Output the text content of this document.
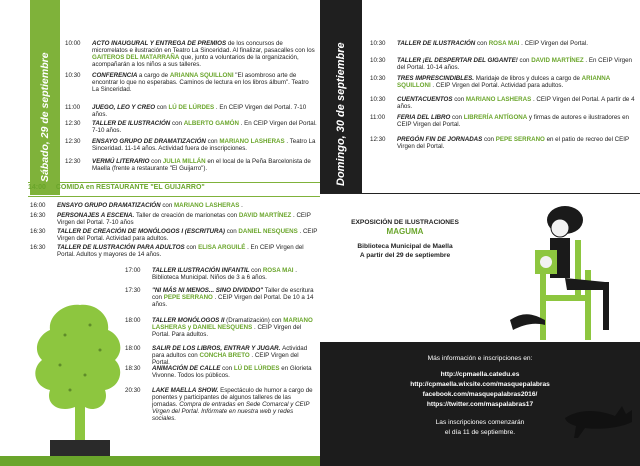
Sábado, 29 de septiembre
10:00	ACTO INAUGURAL Y ENTREGA DE PREMIOS de los concursos de microrrelatos e ilustración en Teatro La Sinceridad. Al finalizar, pasacalles con los GAITEROS DEL MATARRAÑA que, junto a voluntarios de la organización, acompañarán a los niños a sus talleres.
10:30	CONFERENCIA a cargo de ARIANNA SQUILLONI "El asombroso arte de encontrar lo que no esperabas. Caminos de lectura en los libros álbum". Teatro La Sinceridad.
11:00	JUEGO, LEO Y CREO con LÚ DE LÚRDES . En CEIP Virgen del Portal. 7-10 años.
12:30	TALLER DE ILUSTRACIÓN con ALBERTO GAMÓN . En CEIP Virgen del Portal. 7-10 años.
12:30	ENSAYO GRUPO DE DRAMATIZACIÓN con MARIANO LASHERAS . Teatro La Sinceridad. 11-14 años. Actividad fuera de inscripciones.
12:30	VERMÚ LITERARIO con JULIA MILLÁN en el local de la Peña Barcelonista de Maella (frente a restaurante "El Guijarro").
14:00 COMIDA en RESTAURANTE "EL GUIJARRO"
16:00	ENSAYO GRUPO DRAMATIZACIÓN con MARIANO LASHERAS .
16:30	PERSONAJES A ESCENA. Taller de creación de marionetas con DAVID MARTÍNEZ . CEIP Virgen del Portal. 7-10 años
16:30	TALLER DE CREACIÓN DE MONÓLOGOS I (ESCRITURA) con DANIEL NESQUENS . CEIP Virgen del Portal. Actividad para adultos.
16:30	TALLER DE ILUSTRACIÓN PARA ADULTOS con ELISA ARGUILÉ . En CEIP Virgen del Portal. Adultos y mayores de 14 años.
17:00	TALLER ILUSTRACIÓN INFANTIL con ROSA MAI . Biblioteca Municipal. Niños de 3 a 6 años.
17:30	"NI MÁS NI MENOS... SINO DIVIDIDO" Taller de escritura con PEPE SERRANO . CEIP Virgen del Portal. De 10 a 14 años.
18:00	TALLER MONÓLOGOS II (Dramatización) con MARIANO LASHERAS y DANIEL NESQUENS . CEIP Virgen del Portal. Para adultos.
18:00	SALIR DE LOS LIBROS, ENTRAR Y JUGAR. Actividad para adultos con CONCHA BRETO . CEIP Virgen del Portal.
18:30	ANIMACIÓN DE CALLE con LÚ DE LÚRDES en Glorieta Vivonne. Todos los públicos.
20:30	LAKE MAELLA SHOW. Espectáculo de humor a cargo de ponentes y participantes de algunos talleres de las jornadas. Compra de entradas en Sede Comarcal y CEIP Virgen del Portal. Infórmate en nuestra web y redes sociales.
Domingo, 30 de septiembre	10:30	TALLER DE ILUSTRACIÓN con ROSA MAI . CEIP Virgen del Portal.
10:30	TALLER ¡EL DESPERTAR DEL GIGANTE! con DAVID MARTÍNEZ . En CEIP Virgen del Portal. 10-14 años.
10:30	TRES IMPRESCINDIBLES. Maridaje de libros y dulces a cargo de ARIANNA SQUILLONI . CEIP Virgen del Portal. Actividad para adultos.
10:30	CUENTACUENTOS con MARIANO LASHERAS . CEIP Virgen del Portal. A partir de 4 años.
11:00	FERIA DEL LIBRO con LIBRERÍA ANTÍGONA y firmas de autores e ilustradores en CEIP Virgen del Portal.
12:30	PREGÓN FIN DE JORNADAS con PEPE SERRANO en el patio de recreo del CEIP Virgen del Portal.
EXPOSICIÓN DE ILUSTRACIONES
MAGUMA
Biblioteca Municipal de Maella
A partir del 29 de septiembre
Más información e inscripciones en:
http://cpmaella.catedu.es
http://cpmaella.wixsite.com/masquepalabras
facebook.com/masquepalabras2016/
https://twitter.com/maspalabras17
Las inscripciones comenzarán
el día 11 de septiembre.
